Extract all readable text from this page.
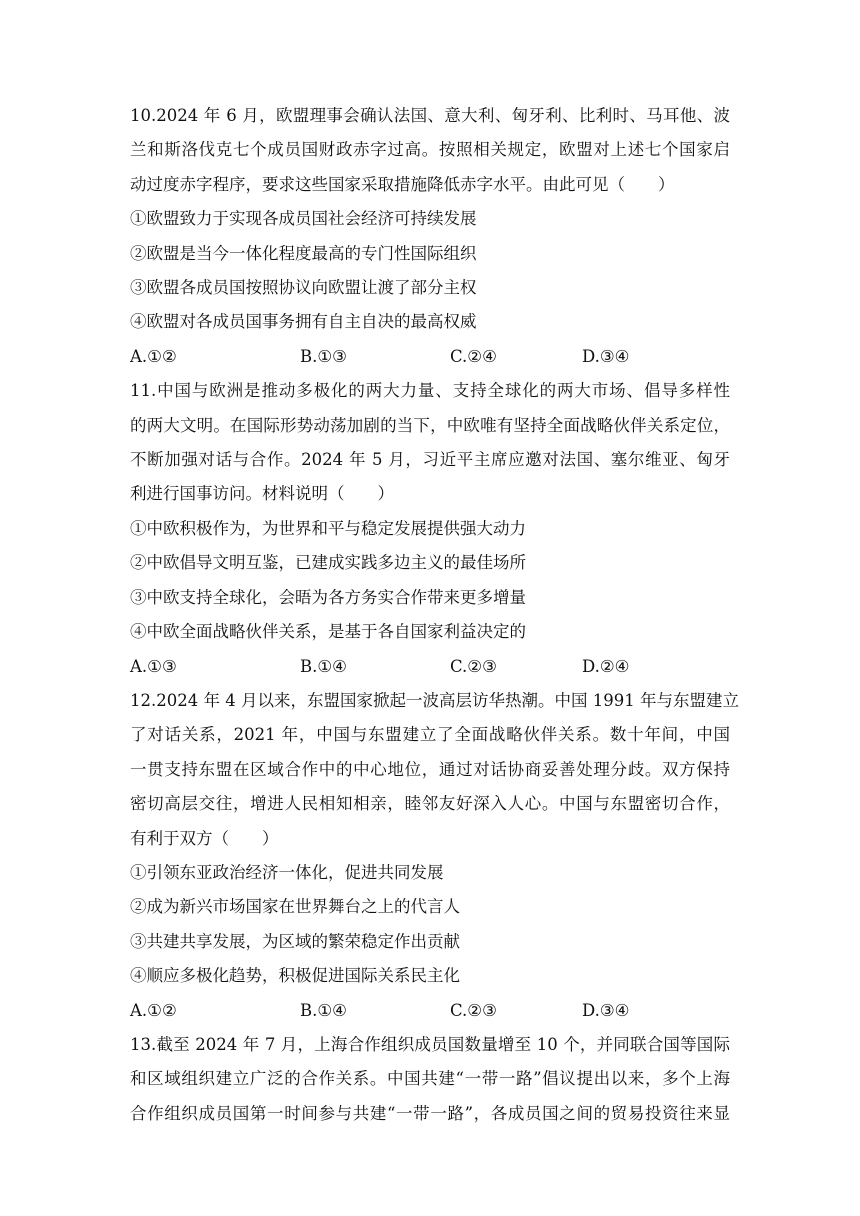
10.2024 年 6 月，欧盟理事会确认法国、意大利、匈牙利、比利时、马耳他、波
兰和斯洛伐克七个成员国财政赤字过高。按照相关规定，欧盟对上述七个国家启
动过度赤字程序，要求这些国家采取措施降低赤字水平。由此可见（　　）
①欧盟致力于实现各成员国社会经济可持续发展
②欧盟是当今一体化程度最高的专门性国际组织
③欧盟各成员国按照协议向欧盟让渡了部分主权
④欧盟对各成员国事务拥有自主自决的最高权威
A.①②	B.①③	C.②④	D.③④
11.中国与欧洲是推动多极化的两大力量、支持全球化的两大市场、倡导多样性
的两大文明。在国际形势动荡加剧的当下，中欧唯有坚持全面战略伙伴关系定位，
不断加强对话与合作。2024 年 5 月，习近平主席应邀对法国、塞尔维亚、匈牙
利进行国事访问。材料说明（　　）
①中欧积极作为，为世界和平与稳定发展提供强大动力
②中欧倡导文明互鉴，已建成实践多边主义的最佳场所
③中欧支持全球化，会晤为各方务实合作带来更多增量
④中欧全面战略伙伴关系，是基于各自国家利益决定的
A.①③	B.①④	C.②③	D.②④
12.2024 年 4 月以来，东盟国家掀起一波高层访华热潮。中国 1991 年与东盟建立
了对话关系，2021 年，中国与东盟建立了全面战略伙伴关系。数十年间，中国
一贯支持东盟在区域合作中的中心地位，通过对话协商妥善处理分歧。双方保持
密切高层交往，增进人民相知相亲，睦邻友好深入人心。中国与东盟密切合作，
有利于双方（　　）
①引领东亚政治经济一体化，促进共同发展
②成为新兴市场国家在世界舞台之上的代言人
③共建共享发展，为区域的繁荣稳定作出贡献
④顺应多极化趋势，积极促进国际关系民主化
A.①②	B.①④	C.②③	D.③④
13.截至 2024 年 7 月，上海合作组织成员国数量增至 10 个，并同联合国等国际
和区域组织建立广泛的合作关系。中国共建“一带一路”倡议提出以来，多个上海
合作组织成员国第一时间参与共建“一带一路”，各成员国之间的贸易投资往来显
